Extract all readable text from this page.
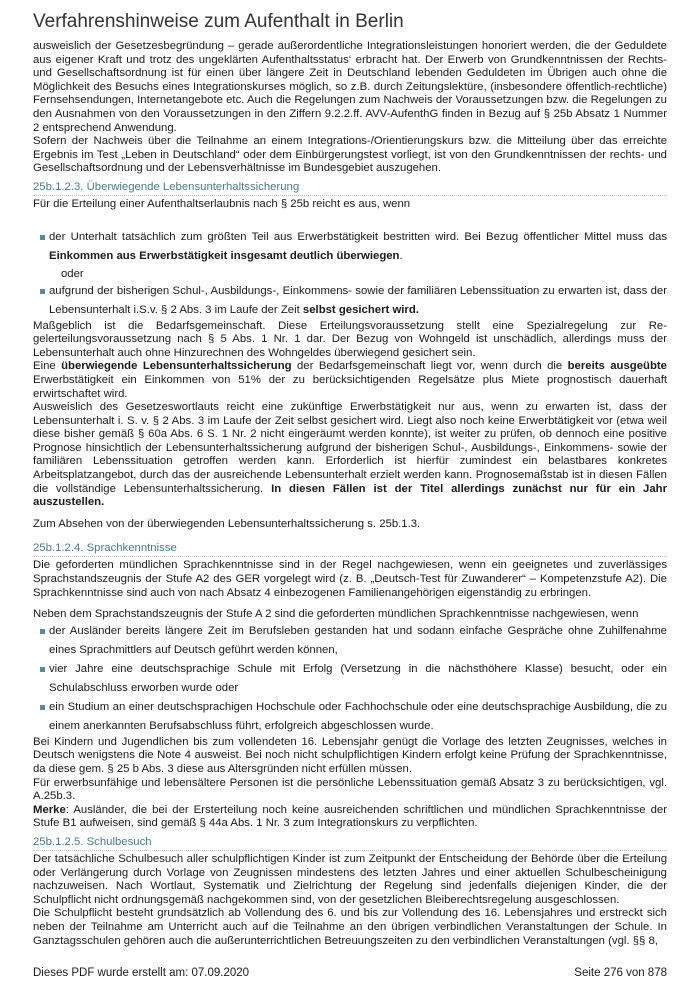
Verfahrenshinweise zum Aufenthalt in Berlin

ausweislich der Gesetzesbegründung – gerade außerordentliche Integrationsleistungen honoriert werden, die der Geduldete aus eigener Kraft und trotz des ungeklärten Aufenthaltsstatus‘ erbracht hat. Der Erwerb von Grundkenntnissen der Rechts- und Gesellschaftsordnung ist für einen über längere Zeit in Deutschland lebenden Geduldeten im Übrigen auch ohne die Möglichkeit des Besuchs eines Integrationskurses möglich, so z.B. durch Zeitungslektüre, (insbesondere öffentlich-rechtliche) Fernsehsendungen, Internetangebote etc. Auch die Regelungen zum Nachweis der Voraussetzungen bzw. die Regelungen zu den Ausnahmen von den Voraussetzungen in den Ziffern 9.2.2.ff. AVV-AufenthG finden in Bezug auf § 25b Absatz 1 Nummer 2 entsprechend Anwendung.

Sofern der Nachweis über die Teilnahme an einem Integrations-/Orientierungskurs bzw. die Mitteilung über das erreichte Ergebnis im Test „Leben in Deutschland“ oder dem Einbürgerungstest vorliegt, ist von den Grundkenntnissen der rechts- und Gesellschaftsordnung und der Lebensverhältnisse im Bundesgebiet auszugehen.

25b.1.2.3. Überwiegende Lebensunterhaltssicherung

Für die Erteilung einer Aufenthaltserlaubnis nach § 25b reicht es aus, wenn

der Unterhalt tatsächlich zum größten Teil aus Erwerbstätigkeit bestritten wird. Bei Bezug öffentlicher Mittel muss das Einkommen aus Erwerbstätigkeit insgesamt deutlich überwiegen.
oder
aufgrund der bisherigen Schul-, Ausbildungs-, Einkommens- sowie der familiären Lebenssituation zu erwarten ist, dass der Lebensunterhalt i.S.v. § 2 Abs. 3 im Laufe der Zeit selbst gesichert wird.

Maßgeblich ist die Bedarfsgemeinschaft. Diese Erteilungsvoraussetzung stellt eine Spezialregelung zur Re-gelerteilungsvoraussetzung nach § 5 Abs. 1 Nr. 1 dar. Der Bezug von Wohngeld ist unschädlich, allerdings muss der Lebensunterhalt auch ohne Hinzurechnen des Wohngeldes überwiegend gesichert sein.

Eine überwiegende Lebensunterhaltssicherung der Bedarfsgemeinschaft liegt vor, wenn durch die bereits ausgeübte Erwerbstätigkeit ein Einkommen von 51% der zu berücksichtigenden Regelsätze plus Miete prognostisch dauerhaft erwirtschaftet wird.

Ausweislich des Gesetzeswortlauts reicht eine zukünftige Erwerbstätigkeit nur aus, wenn zu erwarten ist, dass der Lebensunterhalt i. S. v. § 2 Abs. 3 im Laufe der Zeit selbst gesichert wird. Liegt also noch keine Erwerbtätigkeit vor (etwa weil diese bisher gemäß § 60a Abs. 6 S. 1 Nr. 2 nicht eingeräumt werden konnte), ist weiter zu prüfen, ob dennoch eine positive Prognose hinsichtlich der Lebensunterhaltssicherung aufgrund der bisherigen Schul-, Ausbildungs-, Einkommens- sowie der familiären Lebenssituation getroffen werden kann. Erforderlich ist hierfür zumindest ein belastbares konkretes Arbeitsplatzangebot, durch das der ausreichende Lebensunterhalt erzielt werden kann. Prognosemaßstab ist in diesen Fällen die vollständige Lebensunterhaltssicherung. In diesen Fällen ist der Titel allerdings zunächst nur für ein Jahr auszustellen.

Zum Absehen von der überwiegenden Lebensunterhaltssicherung s. 25b.1.3.

25b.1.2.4. Sprachkenntnisse

Die geforderten mündlichen Sprachkenntnisse sind in der Regel nachgewiesen, wenn ein geeignetes und zuverlässiges Sprachstandszeugnis der Stufe A2 des GER vorgelegt wird (z. B. „Deutsch-Test für Zuwanderer“ – Kompetenzstufe A2). Die Sprachkenntnisse sind auch von nach Absatz 4 einbezogenen Familienangehörigen eigenständig zu erbringen.

Neben dem Sprachstandszeugnis der Stufe A 2 sind die geforderten mündlichen Sprachkenntnisse nachgewiesen, wenn

der Ausländer bereits längere Zeit im Berufsleben gestanden hat und sodann einfache Gespräche ohne Zuhilfenahme eines Sprachmittlers auf Deutsch geführt werden können,
vier Jahre eine deutschsprachige Schule mit Erfolg (Versetzung in die nächsthöhere Klasse) besucht, oder ein Schulabschluss erworben wurde oder
ein Studium an einer deutschsprachigen Hochschule oder Fachhochschule oder eine deutschsprachige Ausbildung, die zu einem anerkannten Berufsabschluss führt, erfolgreich abgeschlossen wurde.

Bei Kindern und Jugendlichen bis zum vollendeten 16. Lebensjahr genügt die Vorlage des letzten Zeugnisses, welches in Deutsch wenigstens die Note 4 ausweist. Bei noch nicht schulpflichtigen Kindern erfolgt keine Prüfung der Sprachkenntnisse, da diese gem. § 25 b Abs. 3 diese aus Altersgründen nicht erfüllen müssen.

Für erwerbsunfähige und lebensältere Personen ist die persönliche Lebenssituation gemäß Absatz 3 zu berücksichtigen, vgl. A.25b.3.

Merke: Ausländer, die bei der Ersterteilung noch keine ausreichenden schriftlichen und mündlichen Sprachkenntnisse der Stufe B1 aufweisen, sind gemäß § 44a Abs. 1 Nr. 3 zum Integrationskurs zu verpflichten.

25b.1.2.5. Schulbesuch

Der tatsächliche Schulbesuch aller schulpflichtigen Kinder ist zum Zeitpunkt der Entscheidung der Behörde über die Erteilung oder Verlängerung durch Vorlage von Zeugnissen mindestens des letzten Jahres und einer aktuellen Schulbescheinigung nachzuweisen. Nach Wortlaut, Systematik und Zielrichtung der Regelung sind jedenfalls diejenigen Kinder, die der Schulpflicht nicht ordnungsgemäß nachgekommen sind, von der gesetzlichen Bleiberechtsregelung ausgeschlossen.

Die Schulpflicht besteht grundsätzlich ab Vollendung des 6. und bis zur Vollendung des 16. Lebensjahres und erstreckt sich neben der Teilnahme am Unterricht auch auf die Teilnahme an den übrigen verbindlichen Veranstaltungen der Schule. In Ganztagsschulen gehören auch die außerunterrichtlichen Betreuungszeiten zu den verbindlichen Veranstaltungen (vgl. §§ 8,

Dieses PDF wurde erstellt am: 07.09.2020	Seite 276 von 878
